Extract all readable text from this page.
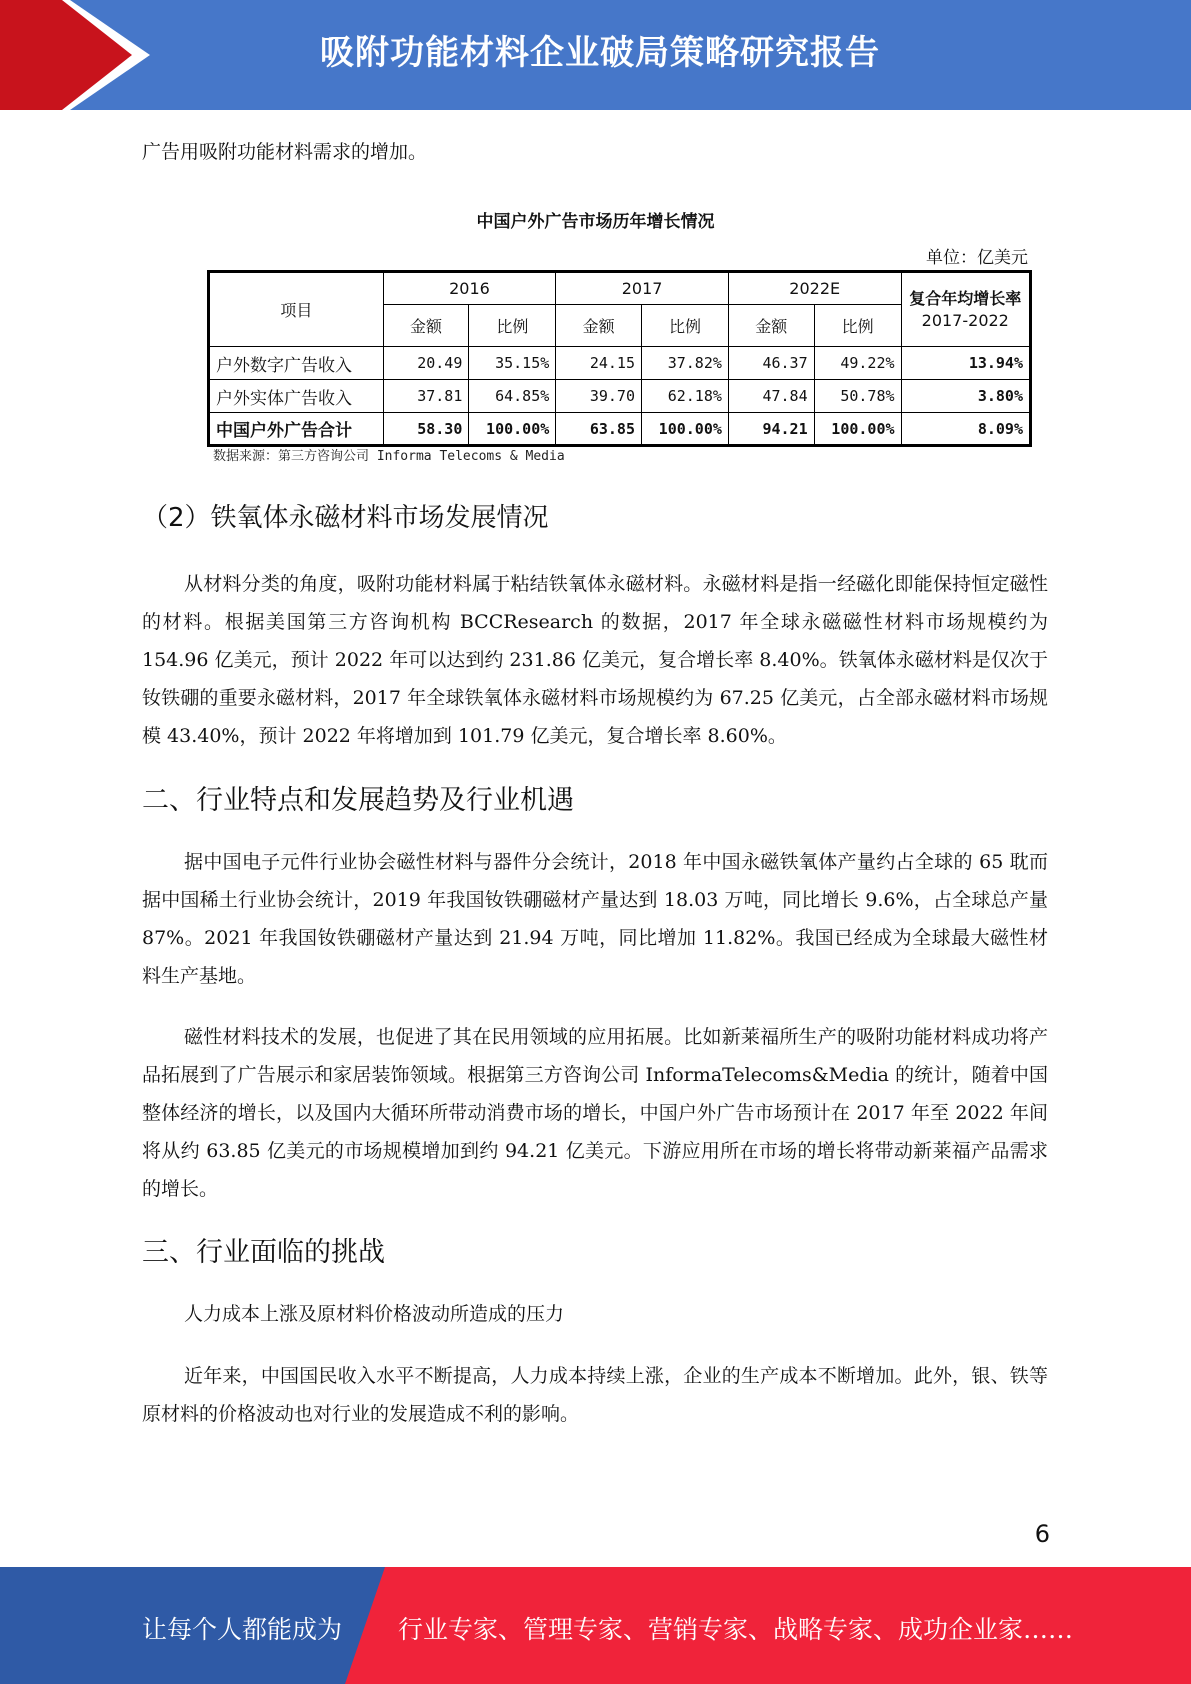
吸附功能材料企业破局策略研究报告
广告用吸附功能材料需求的增加。
中国户外广告市场历年增长情况
单位：亿美元
项目	2016		2017		2022E		复合年均增长率
2017-2022

	金额	比例	金额	比例	金额	比例	
户外数字广告收入	20.49	35.15%	24.15	37.82%	46.37	49.22%	13.94%
户外实体广告收入	37.81	64.85%	39.70	62.18%	47.84	50.78%	3.80%
中国户外广告合计	58.30	100.00%	63.85	100.00%	94.21	100.00%	8.09%
数据来源：第三方咨询公司 Informa Telecoms & Media
（2）铁氧体永磁材料市场发展情况
从材料分类的角度，吸附功能材料属于粘结铁氧体永磁材料。永磁材料是指一经磁化即能保持恒定磁性的材料。根据美国第三方咨询机构 BCCResearch 的数据，2017 年全球永磁磁性材料市场规模约为 154.96 亿美元，预计 2022 年可以达到约 231.86 亿美元，复合增长率 8.40%。铁氧体永磁材料是仅次于钕铁硼的重要永磁材料，2017 年全球铁氧体永磁材料市场规模约为 67.25 亿美元，占全部永磁材料市场规模 43.40%，预计 2022 年将增加到 101.79 亿美元，复合增长率 8.60%。
二、行业特点和发展趋势及行业机遇
据中国电子元件行业协会磁性材料与器件分会统计，2018 年中国永磁铁氧体产量约占全球的 65 耽而据中国稀土行业协会统计，2019 年我国钕铁硼磁材产量达到 18.03 万吨，同比增长 9.6%，占全球总产量 87%。2021 年我国钕铁硼磁材产量达到 21.94 万吨，同比增加 11.82%。我国已经成为全球最大磁性材料生产基地。
磁性材料技术的发展，也促进了其在民用领域的应用拓展。比如新莱福所生产的吸附功能材料成功将产品拓展到了广告展示和家居装饰领域。根据第三方咨询公司 InformaTelecoms&Media 的统计，随着中国整体经济的增长，以及国内大循环所带动消费市场的增长，中国户外广告市场预计在 2017 年至 2022 年间将从约 63.85 亿美元的市场规模增加到约 94.21 亿美元。下游应用所在市场的增长将带动新莱福产品需求的增长。
三、行业面临的挑战
人力成本上涨及原材料价格波动所造成的压力
近年来，中国国民收入水平不断提高，人力成本持续上涨，企业的生产成本不断增加。此外，银、铁等原材料的价格波动也对行业的发展造成不利的影响。
6
让每个人都能成为 行业专家、管理专家、营销专家、战略专家、成功企业家……
